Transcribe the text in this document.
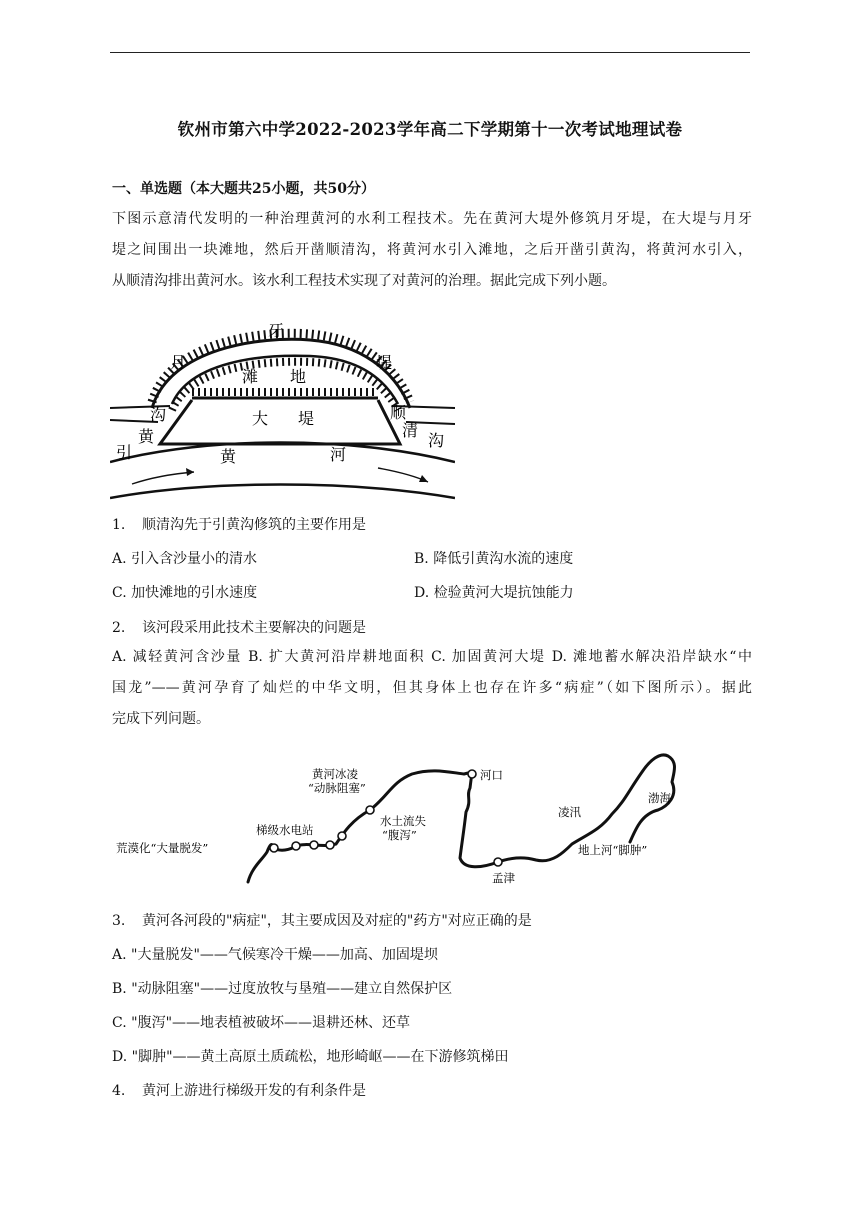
钦州市第六中学2022-2023学年高二下学期第十一次考试地理试卷
一、单选题（本大题共25小题，共50分）
下图示意清代发明的一种治理黄河的水利工程技术。先在黄河大堤外修筑月牙堤，在大堤与月牙
堤之间围出一块滩地，然后开凿顺清沟，将黄河水引入滩地，之后开凿引黄沟，将黄河水引入，
从顺清沟排出黄河水。该水利工程技术实现了对黄河的治理。据此完成下列小题。
牙
月	堤
滩 地
大 堤
沟
黄
引	黄	河
顺
清
沟
1. 顺清沟先于引黄沟修筑的主要作用是
A. 引入含沙量小的清水	B. 降低引黄沟水流的速度
C. 加快滩地的引水速度	D. 检验黄河大堤抗蚀能力
2. 该河段采用此技术主要解决的问题是
A. 减轻黄河含沙量 B. 扩大黄河沿岸耕地面积 C. 加固黄河大堤 D. 滩地蓄水解决沿岸缺水“中
国龙”——黄河孕育了灿烂的中华文明，但其身体上也存在许多“病症”（如下图所示）。据此
完成下列问题。
黄河冰凌
“动脉阻塞”
河口
水土流失
“腹泻”
梯级水电站
荒漠化“大量脱发”
凌汛
渤海
地上河“脚肿”
孟津
3. 黄河各河段的"病症"，其主要成因及对症的"药方"对应正确的是
A. "大量脱发"——气候寒冷干燥——加高、加固堤坝
B. "动脉阻塞"——过度放牧与垦殖——建立自然保护区
C. "腹泻"——地表植被破坏——退耕还林、还草
D. "脚肿"——黄土高原土质疏松，地形崎岖——在下游修筑梯田
4. 黄河上游进行梯级开发的有利条件是
